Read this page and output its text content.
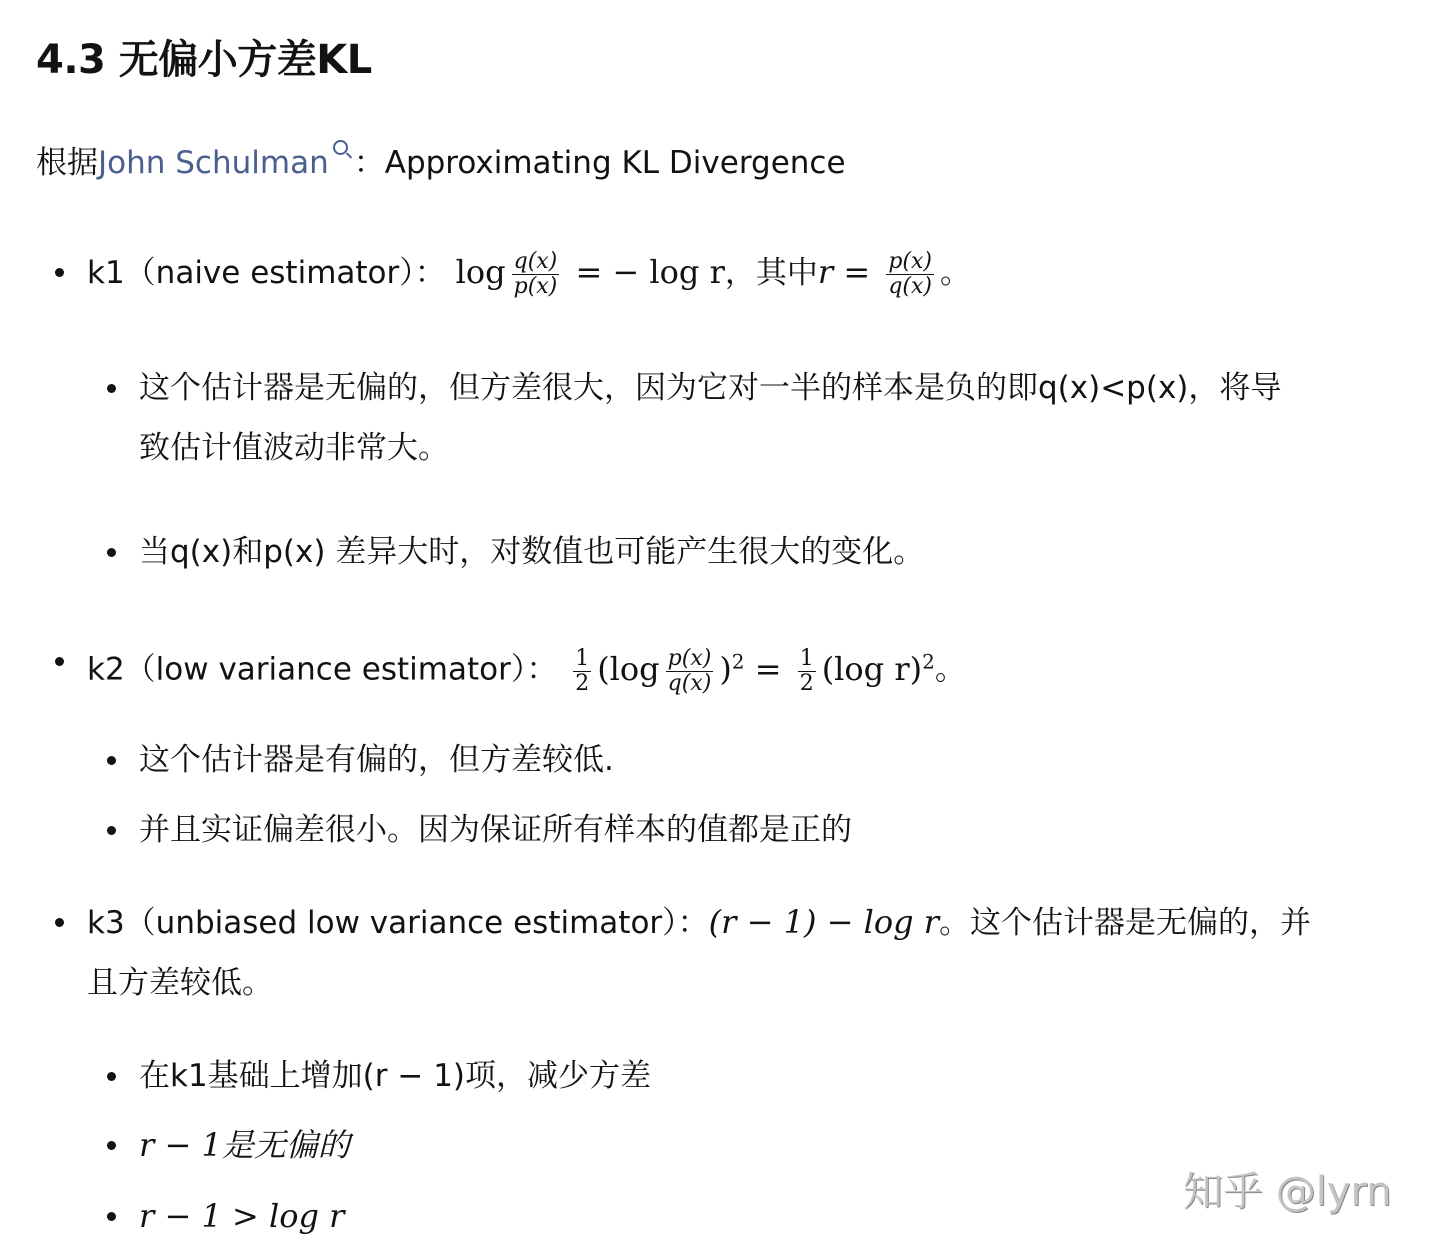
4.3 无偏小方差KL
根据John Schulman ：Approximating KL Divergence
k1（naive estimator）： $\log \frac{q(x)}{p(x)}$ = − log r，其中$r = \frac{p(x)}{q(x)}$ 。
这个估计器是无偏的，但方差很大，因为它对一半的样本是负的即q(x)<p(x)，将导
致估计值波动非常大。
当q(x)和p(x) 差异大时，对数值也可能产生很大的变化。
k2（low variance estimator）： $\frac{1}{2} (\log \frac{p(x)}{q(x)} )^2 = \frac{1}{2} (\log$ r)$^2$。
这个估计器是有偏的，但方差较低.
并且实证偏差很小。因为保证所有样本的值都是正的
k3（unbiased low variance estimator）：(r − 1) − log r。这个估计器是无偏的，并
且方差较低。
在k1基础上增加(r − 1)项，减少方差
r − 1是无偏的
r − 1 > log r
知乎 @lyrn
